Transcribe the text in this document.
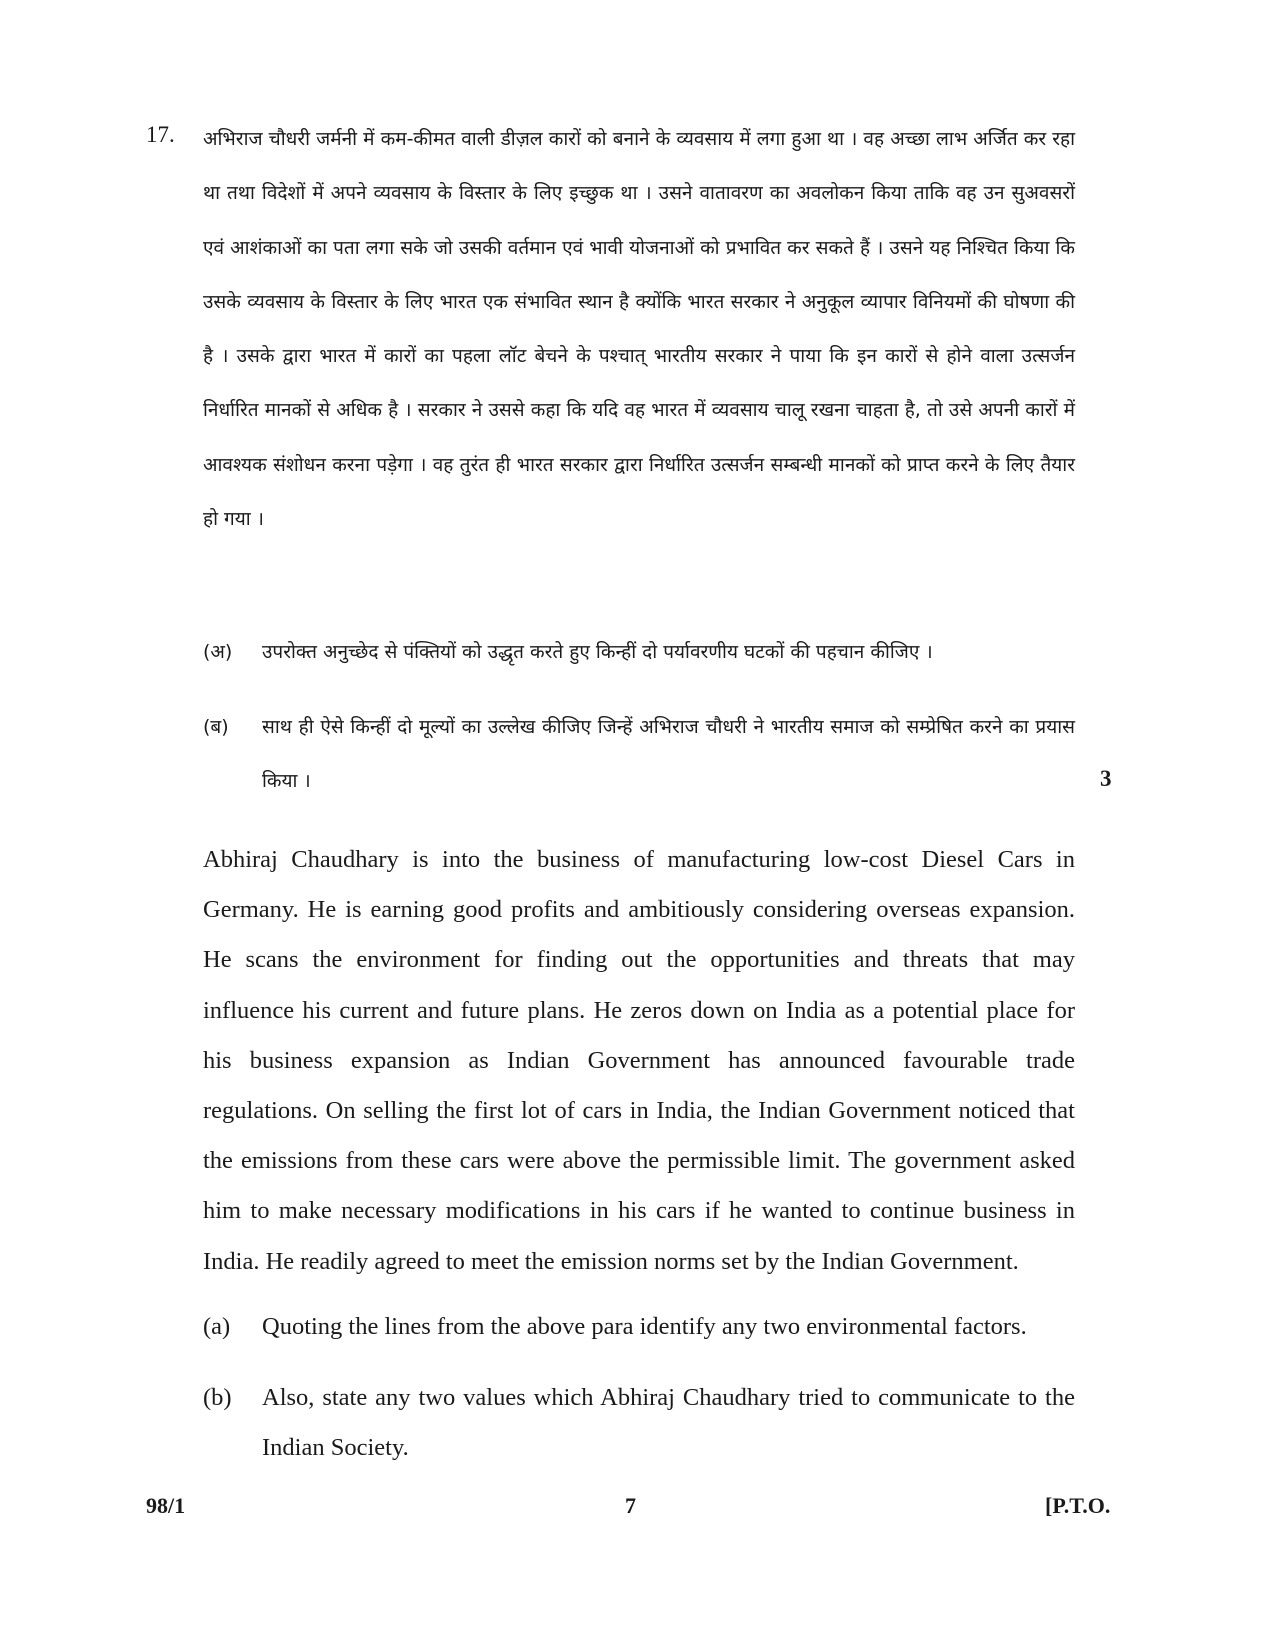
17. अभिराज चौधरी जर्मनी में कम-कीमत वाली डीज़ल कारों को बनाने के व्यवसाय में लगा हुआ था । वह अच्छा लाभ अर्जित कर रहा था तथा विदेशों में अपने व्यवसाय के विस्तार के लिए इच्छुक था । उसने वातावरण का अवलोकन किया ताकि वह उन सुअवसरों एवं आशंकाओं का पता लगा सके जो उसकी वर्तमान एवं भावी योजनाओं को प्रभावित कर सकते हैं । उसने यह निश्चित किया कि उसके व्यवसाय के विस्तार के लिए भारत एक संभावित स्थान है क्योंकि भारत सरकार ने अनुकूल व्यापार विनियमों की घोषणा की है । उसके द्वारा भारत में कारों का पहला लॉट बेचने के पश्चात् भारतीय सरकार ने पाया कि इन कारों से होने वाला उत्सर्जन निर्धारित मानकों से अधिक है । सरकार ने उससे कहा कि यदि वह भारत में व्यवसाय चालू रखना चाहता है, तो उसे अपनी कारों में आवश्यक संशोधन करना पड़ेगा । वह तुरंत ही भारत सरकार द्वारा निर्धारित उत्सर्जन सम्बन्धी मानकों को प्राप्त करने के लिए तैयार हो गया ।

(अ) उपरोक्त अनुच्छेद से पंक्तियों को उद्धृत करते हुए किन्हीं दो पर्यावरणीय घटकों की पहचान कीजिए ।

(ब) साथ ही ऐसे किन्हीं दो मूल्यों का उल्लेख कीजिए जिन्हें अभिराज चौधरी ने भारतीय समाज को सम्प्रेषित करने का प्रयास किया ।	3

Abhiraj Chaudhary is into the business of manufacturing low-cost Diesel Cars in Germany. He is earning good profits and ambitiously considering overseas expansion. He scans the environment for finding out the opportunities and threats that may influence his current and future plans. He zeros down on India as a potential place for his business expansion as Indian Government has announced favourable trade regulations. On selling the first lot of cars in India, the Indian Government noticed that the emissions from these cars were above the permissible limit. The government asked him to make necessary modifications in his cars if he wanted to continue business in India. He readily agreed to meet the emission norms set by the Indian Government.

(a) Quoting the lines from the above para identify any two environmental factors.

(b) Also, state any two values which Abhiraj Chaudhary tried to communicate to the Indian Society.

98/1	7	[P.T.O.
